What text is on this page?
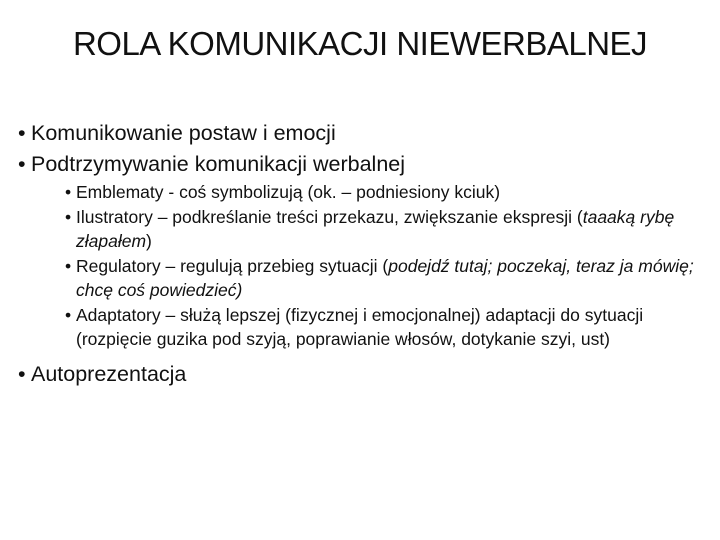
ROLA KOMUNIKACJI NIEWERBALNEJ
• Komunikowanie postaw i emocji
• Podtrzymywanie komunikacji werbalnej
• Emblematy - coś symbolizują (ok. – podniesiony kciuk)
• Ilustratory – podkreślanie treści przekazu, zwiększanie ekspresji (taaaką rybę złapałem)
• Regulatory – regulują przebieg sytuacji (podejdź tutaj; poczekaj, teraz ja mówię; chcę coś powiedzieć)
• Adaptatory – służą lepszej (fizycznej i emocjonalnej) adaptacji do sytuacji (rozpięcie guzika pod szyją, poprawianie włosów, dotykanie szyi, ust)
• Autoprezentacja
